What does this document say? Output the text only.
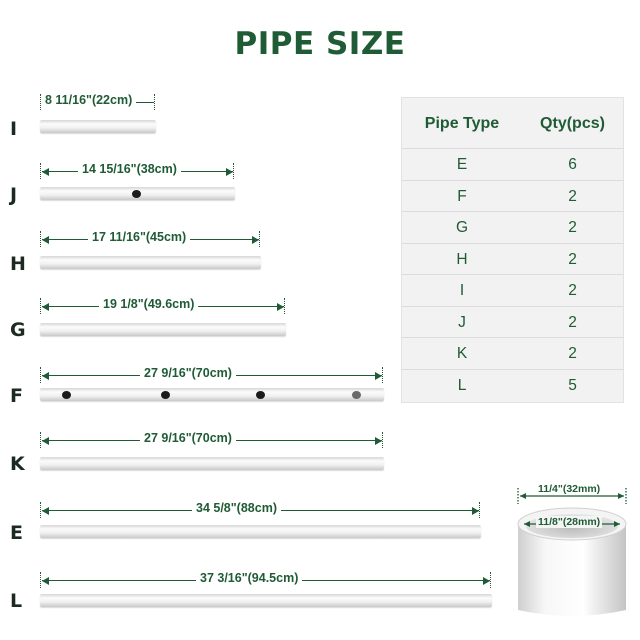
PIPE SIZE
I
8 11/16"(22cm)
J
14 15/16"(38cm)
H
17 11/16"(45cm)
G
19 1/8"(49.6cm)
F
27 9/16"(70cm)
K
27 9/16"(70cm)
E
34 5/8"(88cm)
L
37 3/16"(94.5cm)
Pipe Type	Qty(pcs)
E	6
F	2
G	2
H	2
I	2
J	2
K	2
L	5
11/4"(32mm)
11/8"(28mm)
